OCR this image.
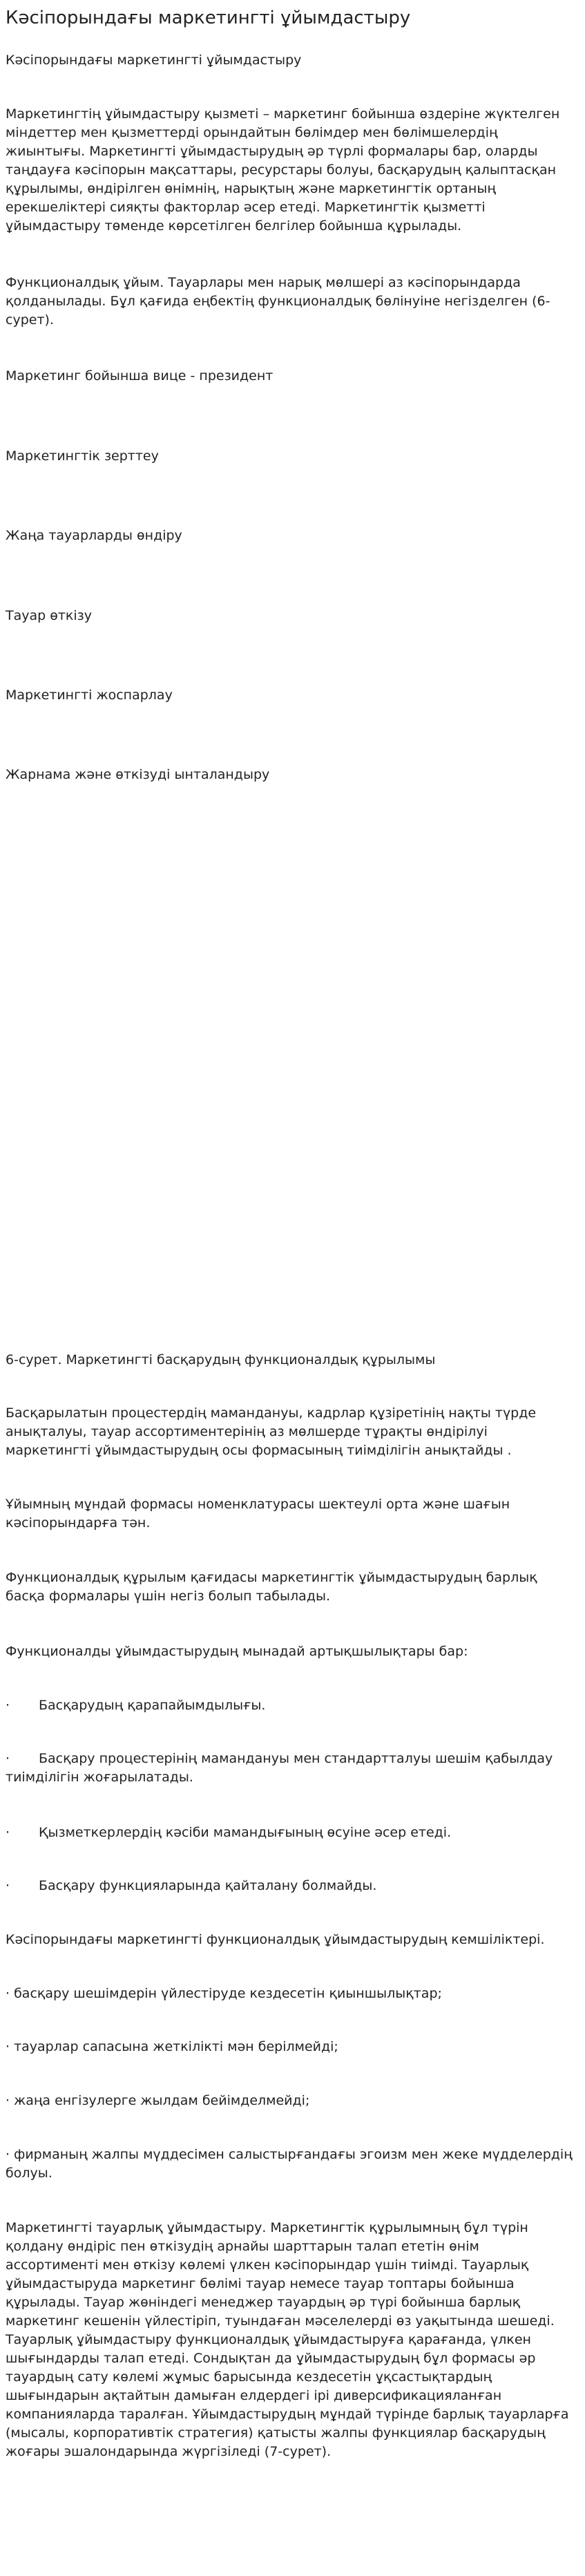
Кәсіпорындағы маркетингті ұйымдастыру

Кәсіпорындағы маркетингті ұйымдастыру

Маркетингтің ұйымдастыру қызметі – маркетинг бойынша өздеріне жүктелген міндеттер мен қызметтерді орындайтын бөлімдер мен бөлімшелердің жиынтығы. Маркетингті ұйымдастырудың әр түрлі формалары бар, оларды таңдауға кәсіпорын мақсаттары, ресурстары болуы, басқарудың қалыптасқан құрылымы, өндірілген өнімнің, нарықтың және маркетингтік ортаның ерекшеліктері сияқты факторлар әсер етеді. Маркетингтік қызметті ұйымдастыру төменде көрсетілген белгілер бойынша құрылады.

Функционалдық ұйым. Тауарлары мен нарық мөлшері аз кәсіпорындарда қолданылады. Бұл қағида еңбектің функционалдық бөлінуіне негізделген (6-сурет).

Маркетинг бойынша вице - президент

Маркетингтік зерттеу

Жаңа тауарларды өндіру

Тауар өткізу

Маркетингті жоспарлау

Жарнама және өткізуді ынталандыру

6-сурет. Маркетингті басқарудың функционалдық құрылымы

Басқарылатын процестердің мамандануы, кадрлар құзіретінің нақты түрде анықталуы, тауар ассортиментерінің аз мөлшерде тұрақты өндірілуі маркетингті ұйымдастырудың осы формасының тиімділігін анықтайды .

Ұйымның мұндай формасы номенклатурасы шектеулі орта және шағын кәсіпорындарға тән.

Функционалдық құрылым қағидасы маркетингтік ұйымдастырудың барлық басқа формалары үшін негіз болып табылады.

Функционалды ұйымдастырудың мынадай артықшылықтары бар:

· Басқарудың қарапайымдылығы.

· Басқару процестерінің мамандануы мен стандартталуы шешім қабылдау тиімділігін жоғарылатады.

· Қызметкерлердің кәсіби мамандығының өсуіне әсер етеді.

· Басқару функцияларында қайталану болмайды.

Кәсіпорындағы маркетингті функционалдық ұйымдастырудың кемшіліктері.

· басқару шешімдерін үйлестіруде кездесетін қиыншылықтар;

· тауарлар сапасына жеткілікті мән берілмейді;

· жаңа енгізулерге жылдам бейімделмейді;

· фирманың жалпы мүддесімен салыстырғандағы эгоизм мен жеке мүдделердің болуы.

Маркетингті тауарлық ұйымдастыру. Маркетингтік құрылымның бұл түрін қолдану өндіріс пен өткізудің арнайы шарттарын талап ететін өнім ассортименті мен өткізу көлемі үлкен кәсіпорындар үшін тиімді. Тауарлық ұйымдастыруда маркетинг бөлімі тауар немесе тауар топтары бойынша құрылады. Тауар жөніндегі менеджер тауардың әр түрі бойынша барлық маркетинг кешенін үйлестіріп, туындаған мәселелерді өз уақытында шешеді. Тауарлық ұйымдастыру функционалдық ұйымдастыруға қарағанда, үлкен шығындарды талап етеді. Сондықтан да ұйымдастырудың бұл формасы әр тауардың сату көлемі жұмыс барысында кездесетін ұқсастықтардың шығындарын ақтайтын дамыған елдердегі ірі диверсификацияланған компанияларда таралған. Ұйымдастырудың мұндай түрінде барлық тауарларға (мысалы, корпоративтік стратегия) қатысты жалпы функциялар басқарудың жоғары эшалондарында жүргізіледі (7-сурет).
